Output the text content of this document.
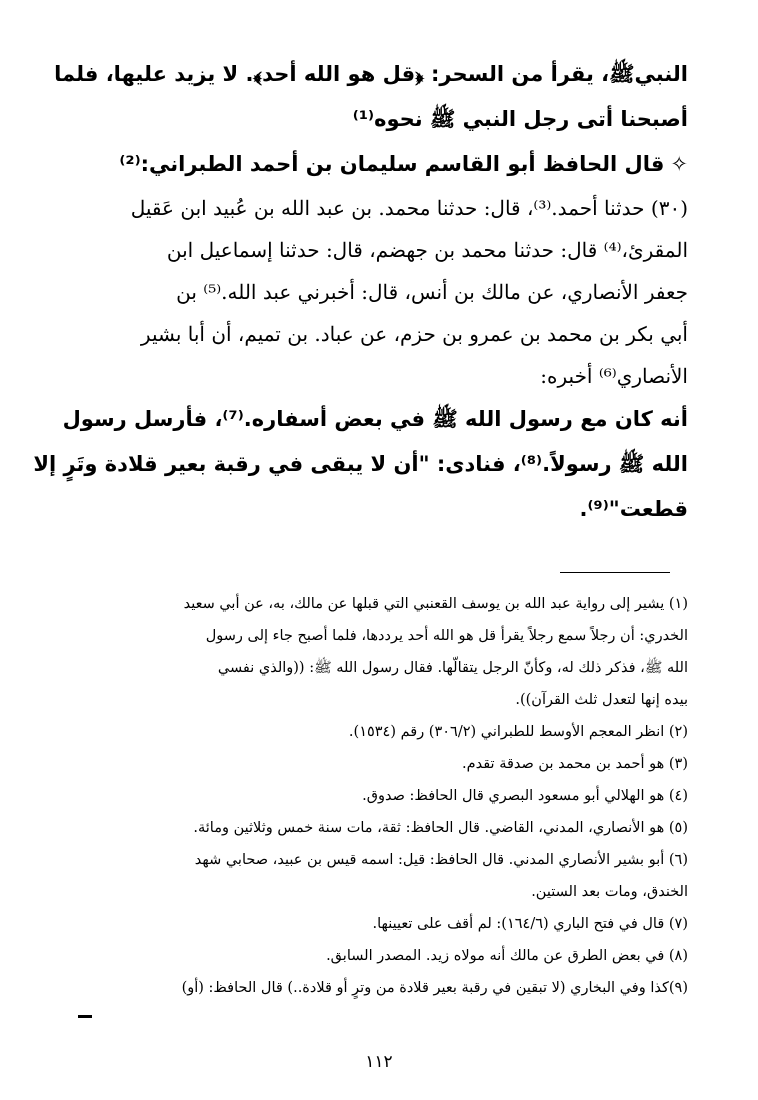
النبيﷺ، يقرأ من السحر: ﴿قل هو الله أحد﴾. لا يزيد عليها، فلما
أصبحنا أتى رجل النبي ﷺ نحوه⁽¹⁾
✧قال الحافظ أبو القاسم سليمان بن أحمد الطبراني:⁽²⁾
(٣٠) حدثنا أحمد.⁽³⁾، قال: حدثنا محمد. بن عبد الله بن عُبيد ابن عَقيل
المقرئ،⁽⁴⁾ قال: حدثنا محمد بن جهضم، قال: حدثنا إسماعيل ابن
جعفر الأنصاري، عن مالك بن أنس، قال: أخبرني عبد الله.⁽⁵⁾ بن
أبي بكر بن محمد بن عمرو بن حزم، عن عباد. بن تميم، أن أبا بشير
الأنصاري⁽⁶⁾ أخبره:
أنه كان مع رسول الله ﷺ في بعض أسفاره.⁽⁷⁾، فأرسل رسول
الله ﷺ رسولاً.⁽⁸⁾، فنادى: "أن لا يبقى في رقبة بعير قلادة وتَرٍ إلا
قطعت"⁽⁹⁾.
(١) يشير إلى رواية عبد الله بن يوسف القعنبي التي قبلها عن مالك، به، عن أبي سعيد
الخدري: أن رجلاً سمع رجلاً يقرأ قل هو الله أحد يرددها، فلما أصبح جاء إلى رسول
الله ﷺ، فذكر ذلك له، وكأنّ الرجل يتقالّها. فقال رسول الله ﷺ: ((والذي نفسي
بيده إنها لتعدل ثلث القرآن)).
(٢) انظر المعجم الأوسط للطبراني (٣٠٦/٢) رقم (١٥٣٤).
(٣) هو أحمد بن محمد بن صدقة تقدم.
(٤) هو الهلالي أبو مسعود البصري قال الحافظ: صدوق.
(٥) هو الأنصاري، المدني، القاضي. قال الحافظ: ثقة، مات سنة خمس وثلاثين ومائة.
(٦) أبو بشير الأنصاري المدني. قال الحافظ: قيل: اسمه قيس بن عبيد، صحابي شهد
الخندق، ومات بعد الستين.
(٧) قال في فتح الباري (١٦٤/٦): لم أقف على تعيينها.
(٨) في بعض الطرق عن مالك أنه مولاه زيد. المصدر السابق.
(٩)كذا وفي البخاري (لا تبقين في رقبة بعير قلادة من وترٍ أو قلادة..) قال الحافظ: (أو)
١١٢
